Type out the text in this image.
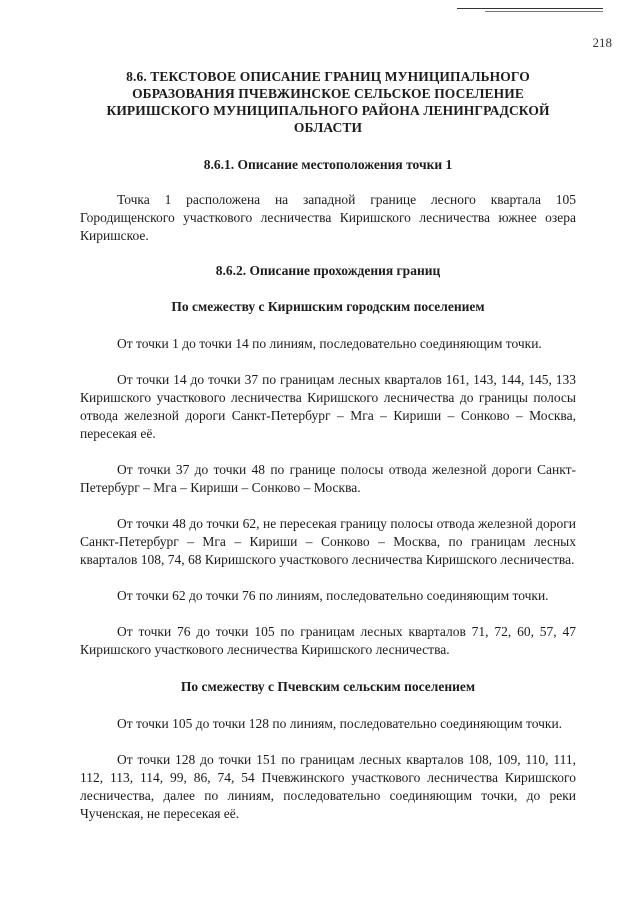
218
8.6. ТЕКСТОВОЕ ОПИСАНИЕ ГРАНИЦ МУНИЦИПАЛЬНОГО ОБРАЗОВАНИЯ ПЧЕВЖИНСКОЕ СЕЛЬСКОЕ ПОСЕЛЕНИЕ КИРИШСКОГО МУНИЦИПАЛЬНОГО РАЙОНА ЛЕНИНГРАДСКОЙ ОБЛАСТИ
8.6.1. Описание местоположения точки 1

Точка 1 расположена на западной границе лесного квартала 105 Городищенского участкового лесничества Киришского лесничества южнее озера Киришское.

8.6.2. Описание прохождения границ
По смежеству с Киришским городским поселением

От точки 1 до точки 14 по линиям, последовательно соединяющим точки.

От точки 14 до точки 37 по границам лесных кварталов 161, 143, 144, 145, 133 Киришского участкового лесничества Киришского лесничества до границы полосы отвода железной дороги Санкт-Петербург – Мга – Кириши – Сонково – Москва, пересекая её.

От точки 37 до точки 48 по границе полосы отвода железной дороги Санкт-Петербург – Мга – Кириши – Сонково – Москва.

От точки 48 до точки 62, не пересекая границу полосы отвода железной дороги Санкт-Петербург – Мга – Кириши – Сонково – Москва, по границам лесных кварталов 108, 74, 68 Киришского участкового лесничества Киришского лесничества.

От точки 62 до точки 76 по линиям, последовательно соединяющим точки.

От точки 76 до точки 105 по границам лесных кварталов 71, 72, 60, 57, 47 Киришского участкового лесничества Киришского лесничества.

По смежеству с Пчевским сельским поселением

От точки 105 до точки 128 по линиям, последовательно соединяющим точки.

От точки 128 до точки 151 по границам лесных кварталов 108, 109, 110, 111, 112, 113, 114, 99, 86, 74, 54 Пчевжинского участкового лесничества Киришского лесничества, далее по линиям, последовательно соединяющим точки, до реки Чученская, не пересекая её.
